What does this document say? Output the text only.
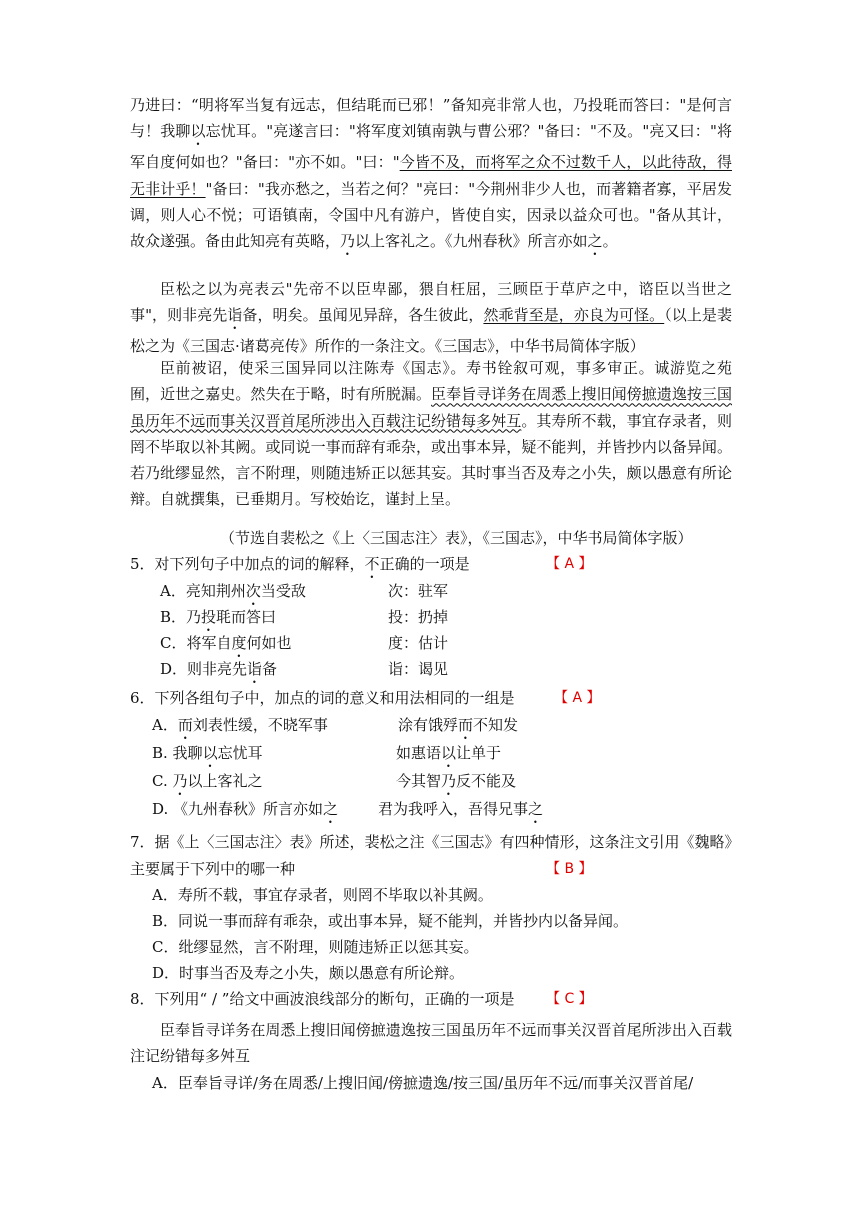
乃进曰：“明将军当复有远志，但结毦而已邪！”备知亮非常人也，乃投毦而答曰："是何言与！我聊以忘忧耳。"亮遂言曰："将军度刘镇南孰与曹公邪？"备曰："不及。"亮又曰："将军自度何如也？"备曰："亦不如。"曰："今皆不及，而将军之众不过数千人，以此待敌，得无非计乎！"备曰："我亦愁之，当若之何？"亮曰："今荆州非少人也，而著籍者寡，平居发调，则人心不悦；可语镇南，令国中凡有游户，皆使自实，因录以益众可也。"备从其计，故众遂强。备由此知亮有英略，乃以上客礼之。《九州春秋》所言亦如之。

臣松之以为亮表云"先帝不以臣卑鄙，猥自枉屈，三顾臣于草庐之中，谘臣以当世之事"，则非亮先诣备，明矣。虽闻见异辞，各生彼此，然乖背至是，亦良为可怪。（以上是裴松之为《三国志·诸葛亮传》所作的一条注文。《三国志》，中华书局简体字版）

臣前被诏，使采三国异同以注陈寿《国志》。寿书铨叙可观，事多审正。诚游览之苑囿，近世之嘉史。然失在于略，时有所脱漏。臣奉旨寻详务在周悉上搜旧闻傍摭遗逸按三国虽历年不远而事关汉晋首尾所涉出入百载注记纷错每多舛互。其寿所不载，事宜存录者，则罔不毕取以补其阙。或同说一事而辞有乖杂，或出事本异，疑不能判，并皆抄内以备异闻。若乃纰缪显然，言不附理，则随违矫正以惩其妄。其时事当否及寿之小失，颇以愚意有所论辩。自就撰集，已垂期月。写校始讫，谨封上呈。

（节选自裴松之《上〈三国志注〉表》，《三国志》，中华书局简体字版）
5．对下列句子中加点的词的解释，不正确的一项是	【 A 】
A．亮知荆州次当受敌	次：驻军
B．乃投毦而答曰	投：扔掉
C．将军自度何如也	度：估计
D．则非亮先诣备	诣：谒见
6．下列各组句子中，加点的词的意义和用法相同的一组是	【 A 】
A．而刘表性缓，不晓军事	涂有饿殍而不知发
B. 我聊以忘忧耳	如惠语以让单于
C. 乃以上客礼之	今其智乃反不能及
D. 《九州春秋》所言亦如之	君为我呼入，吾得兄事之
7．据《上〈三国志注〉表》所述，裴松之注《三国志》有四种情形，这条注文引用《魏略》
主要属于下列中的哪一种	【 B 】
A．寿所不载，事宜存录者，则罔不毕取以补其阙。
B．同说一事而辞有乖杂，或出事本异，疑不能判，并皆抄内以备异闻。
C．纰缪显然，言不附理，则随违矫正以惩其妄。
D．时事当否及寿之小失，颇以愚意有所论辩。
8．下列用“ / ”给文中画波浪线部分的断句，正确的一项是 【 C 】

臣奉旨寻详务在周悉上搜旧闻傍摭遗逸按三国虽历年不远而事关汉晋首尾所涉出入百载注记纷错每多舛互

A．臣奉旨寻详/务在周悉/上搜旧闻/傍摭遗逸/按三国/虽历年不远/而事关汉晋首尾/
